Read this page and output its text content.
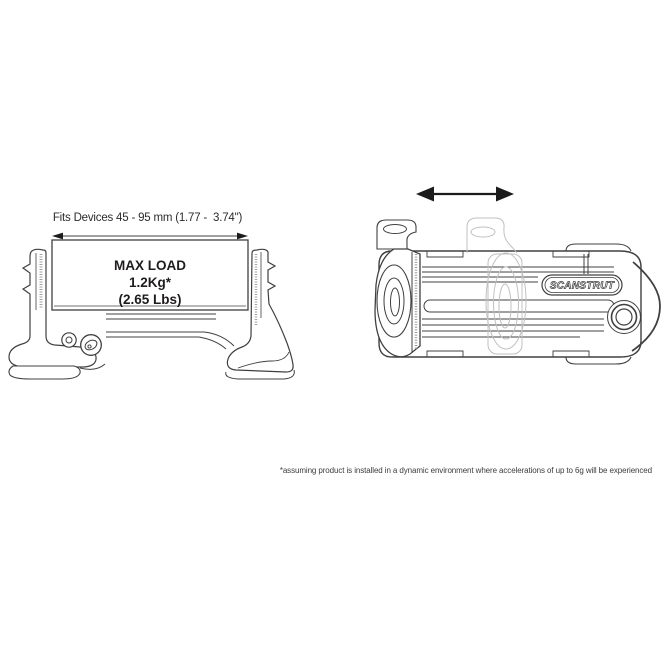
Fits Devices 45 - 95 mm (1.77 -  3.74")
MAX LOAD
1.2Kg*
(2.65 Lbs)
SCANSTRUT
*assuming product is installed in a dynamic environment where accelerations of up to 6g will be experienced
